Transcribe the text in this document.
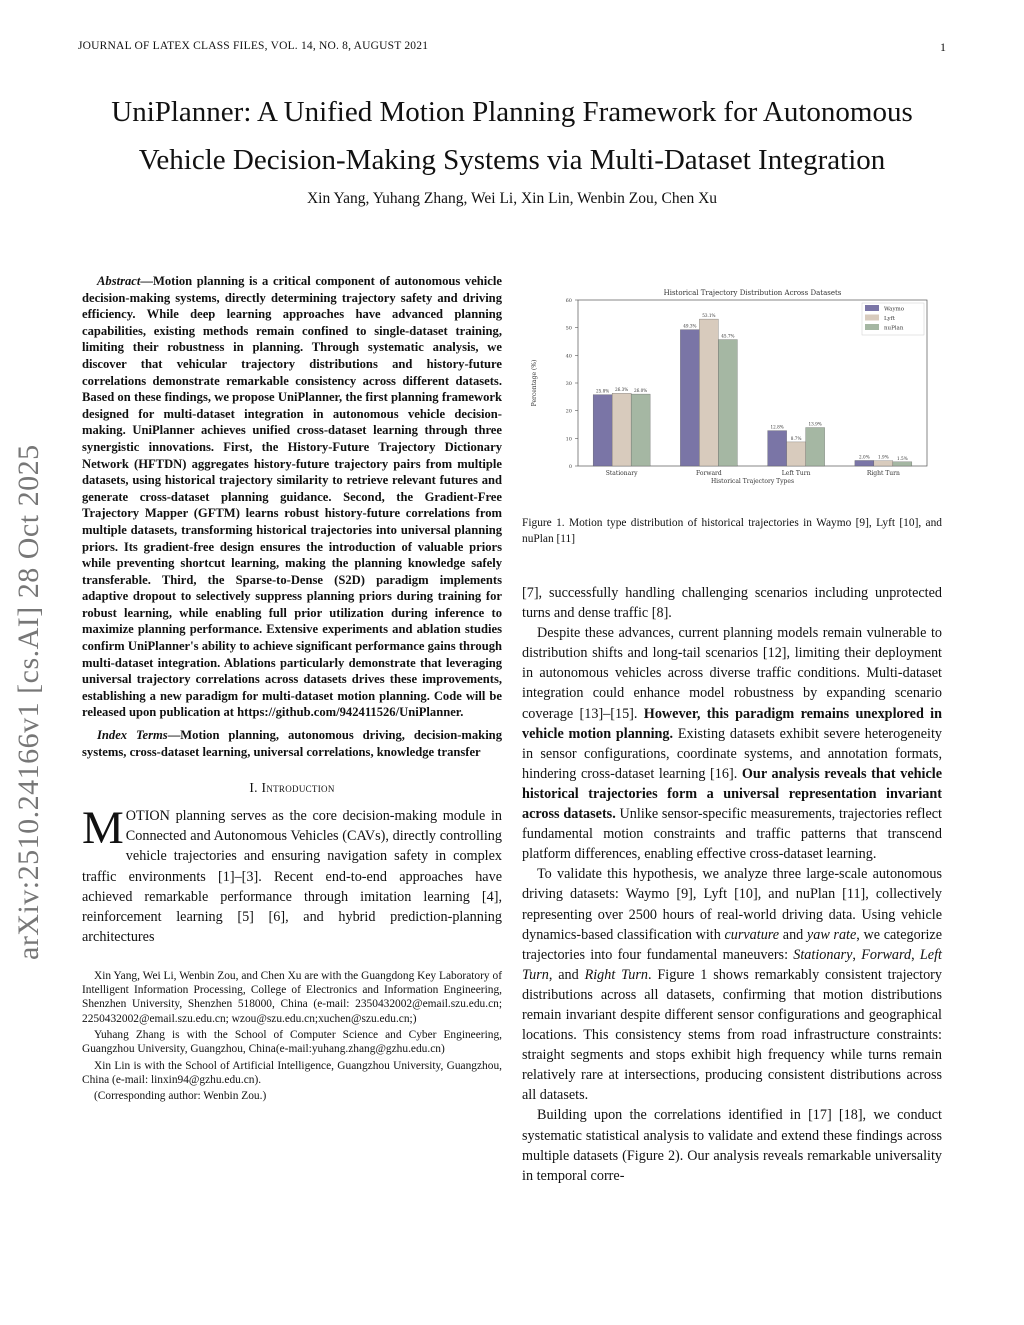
JOURNAL OF LATEX CLASS FILES, VOL. 14, NO. 8, AUGUST 2021	1
arXiv:2510.24166v1 [cs.AI] 28 Oct 2025
UniPlanner: A Unified Motion Planning Framework for Autonomous
Vehicle Decision-Making Systems via Multi-Dataset Integration
Xin Yang, Yuhang Zhang, Wei Li, Xin Lin, Wenbin Zou, Chen Xu

Abstract—Motion planning is a critical component of autonomous vehicle decision-making systems, directly determining trajectory safety and driving efficiency. While deep learning approaches have advanced planning capabilities, existing methods remain confined to single-dataset training, limiting their robustness in planning. Through systematic analysis, we discover that vehicular trajectory distributions and history-future correlations demonstrate remarkable consistency across different datasets. Based on these findings, we propose UniPlanner, the first planning framework designed for multi-dataset integration in autonomous vehicle decision-making. UniPlanner achieves unified cross-dataset learning through three synergistic innovations. First, the History-Future Trajectory Dictionary Network (HFTDN) aggregates history-future trajectory pairs from multiple datasets, using historical trajectory similarity to retrieve relevant futures and generate cross-dataset planning guidance. Second, the Gradient-Free Trajectory Mapper (GFTM) learns robust history-future correlations from multiple datasets, transforming historical trajectories into universal planning priors. Its gradient-free design ensures the introduction of valuable priors while preventing shortcut learning, making the planning knowledge safely transferable. Third, the Sparse-to-Dense (S2D) paradigm implements adaptive dropout to selectively suppress planning priors during training for robust learning, while enabling full prior utilization during inference to maximize planning performance. Extensive experiments and ablation studies confirm UniPlanner's ability to achieve significant performance gains through multi-dataset integration. Ablations particularly demonstrate that leveraging universal trajectory correlations across datasets drives these improvements, establishing a new paradigm for multi-dataset motion planning. Code will be released upon publication at https://github.com/942411526/UniPlanner.

Index Terms—Motion planning, autonomous driving, decision-making systems, cross-dataset learning, universal correlations, knowledge transfer

I. Introduction

MOTION planning serves as the core decision-making module in Connected and Autonomous Vehicles (CAVs), directly controlling vehicle trajectories and ensuring navigation safety in complex traffic environments [1]–[3]. Recent end-to-end approaches have achieved remarkable performance through imitation learning [4], reinforcement learning [5] [6], and hybrid prediction-planning architectures

Xin Yang, Wei Li, Wenbin Zou, and Chen Xu are with the Guangdong Key Laboratory of Intelligent Information Processing, College of Electronics and Information Engineering, Shenzhen University, Shenzhen 518000, China (e-mail: 2350432002@email.szu.edu.cn; 2250432002@email.szu.edu.cn; wzou@szu.edu.cn;xuchen@szu.edu.cn;)

Yuhang Zhang is with the School of Computer Science and Cyber Engineering, Guangzhou University, Guangzhou, China(e-mail:yuhang.zhang@gzhu.edu.cn)

Xin Lin is with the School of Artificial Intelligence, Guangzhou University, Guangzhou, China (e-mail: linxin94@gzhu.edu.cn).

(Corresponding author: Wenbin Zou.)

Historical Trajectory Distribution Across Datasets
0
10
20
30
40
50
60
Percentage (%)	25.8% 26.3% 26.0%
Stationary
49.3%
53.1%
45.7%
Forward
12.8%
8.7%
13.9%
Left Turn
2.0% 1.9% 1.5%
Right Turn
Historical Trajectory Types
Waymo
Lyft
nuPlan

Figure 1. Motion type distribution of historical trajectories in Waymo [9], Lyft [10], and nuPlan [11]

[7], successfully handling challenging scenarios including unprotected turns and dense traffic [8].

Despite these advances, current planning models remain vulnerable to distribution shifts and long-tail scenarios [12], limiting their deployment in autonomous vehicles across diverse traffic conditions. Multi-dataset integration could enhance model robustness by expanding scenario coverage [13]–[15]. However, this paradigm remains unexplored in vehicle motion planning. Existing datasets exhibit severe heterogeneity in sensor configurations, coordinate systems, and annotation formats, hindering cross-dataset learning [16]. Our analysis reveals that vehicle historical trajectories form a universal representation invariant across datasets. Unlike sensor-specific measurements, trajectories reflect fundamental motion constraints and traffic patterns that transcend platform differences, enabling effective cross-dataset learning.

To validate this hypothesis, we analyze three large-scale autonomous driving datasets: Waymo [9], Lyft [10], and nuPlan [11], collectively representing over 2500 hours of real-world driving data. Using vehicle dynamics-based classification with curvature and yaw rate, we categorize trajectories into four fundamental maneuvers: Stationary, Forward, Left Turn, and Right Turn. Figure 1 shows remarkably consistent trajectory distributions across all datasets, confirming that motion distributions remain invariant despite different sensor configurations and geographical locations. This consistency stems from road infrastructure constraints: straight segments and stops exhibit high frequency while turns remain relatively rare at intersections, producing consistent distributions across all datasets.

Building upon the correlations identified in [17] [18], we conduct systematic statistical analysis to validate and extend these findings across multiple datasets (Figure 2). Our analysis reveals remarkable universality in temporal corre-
